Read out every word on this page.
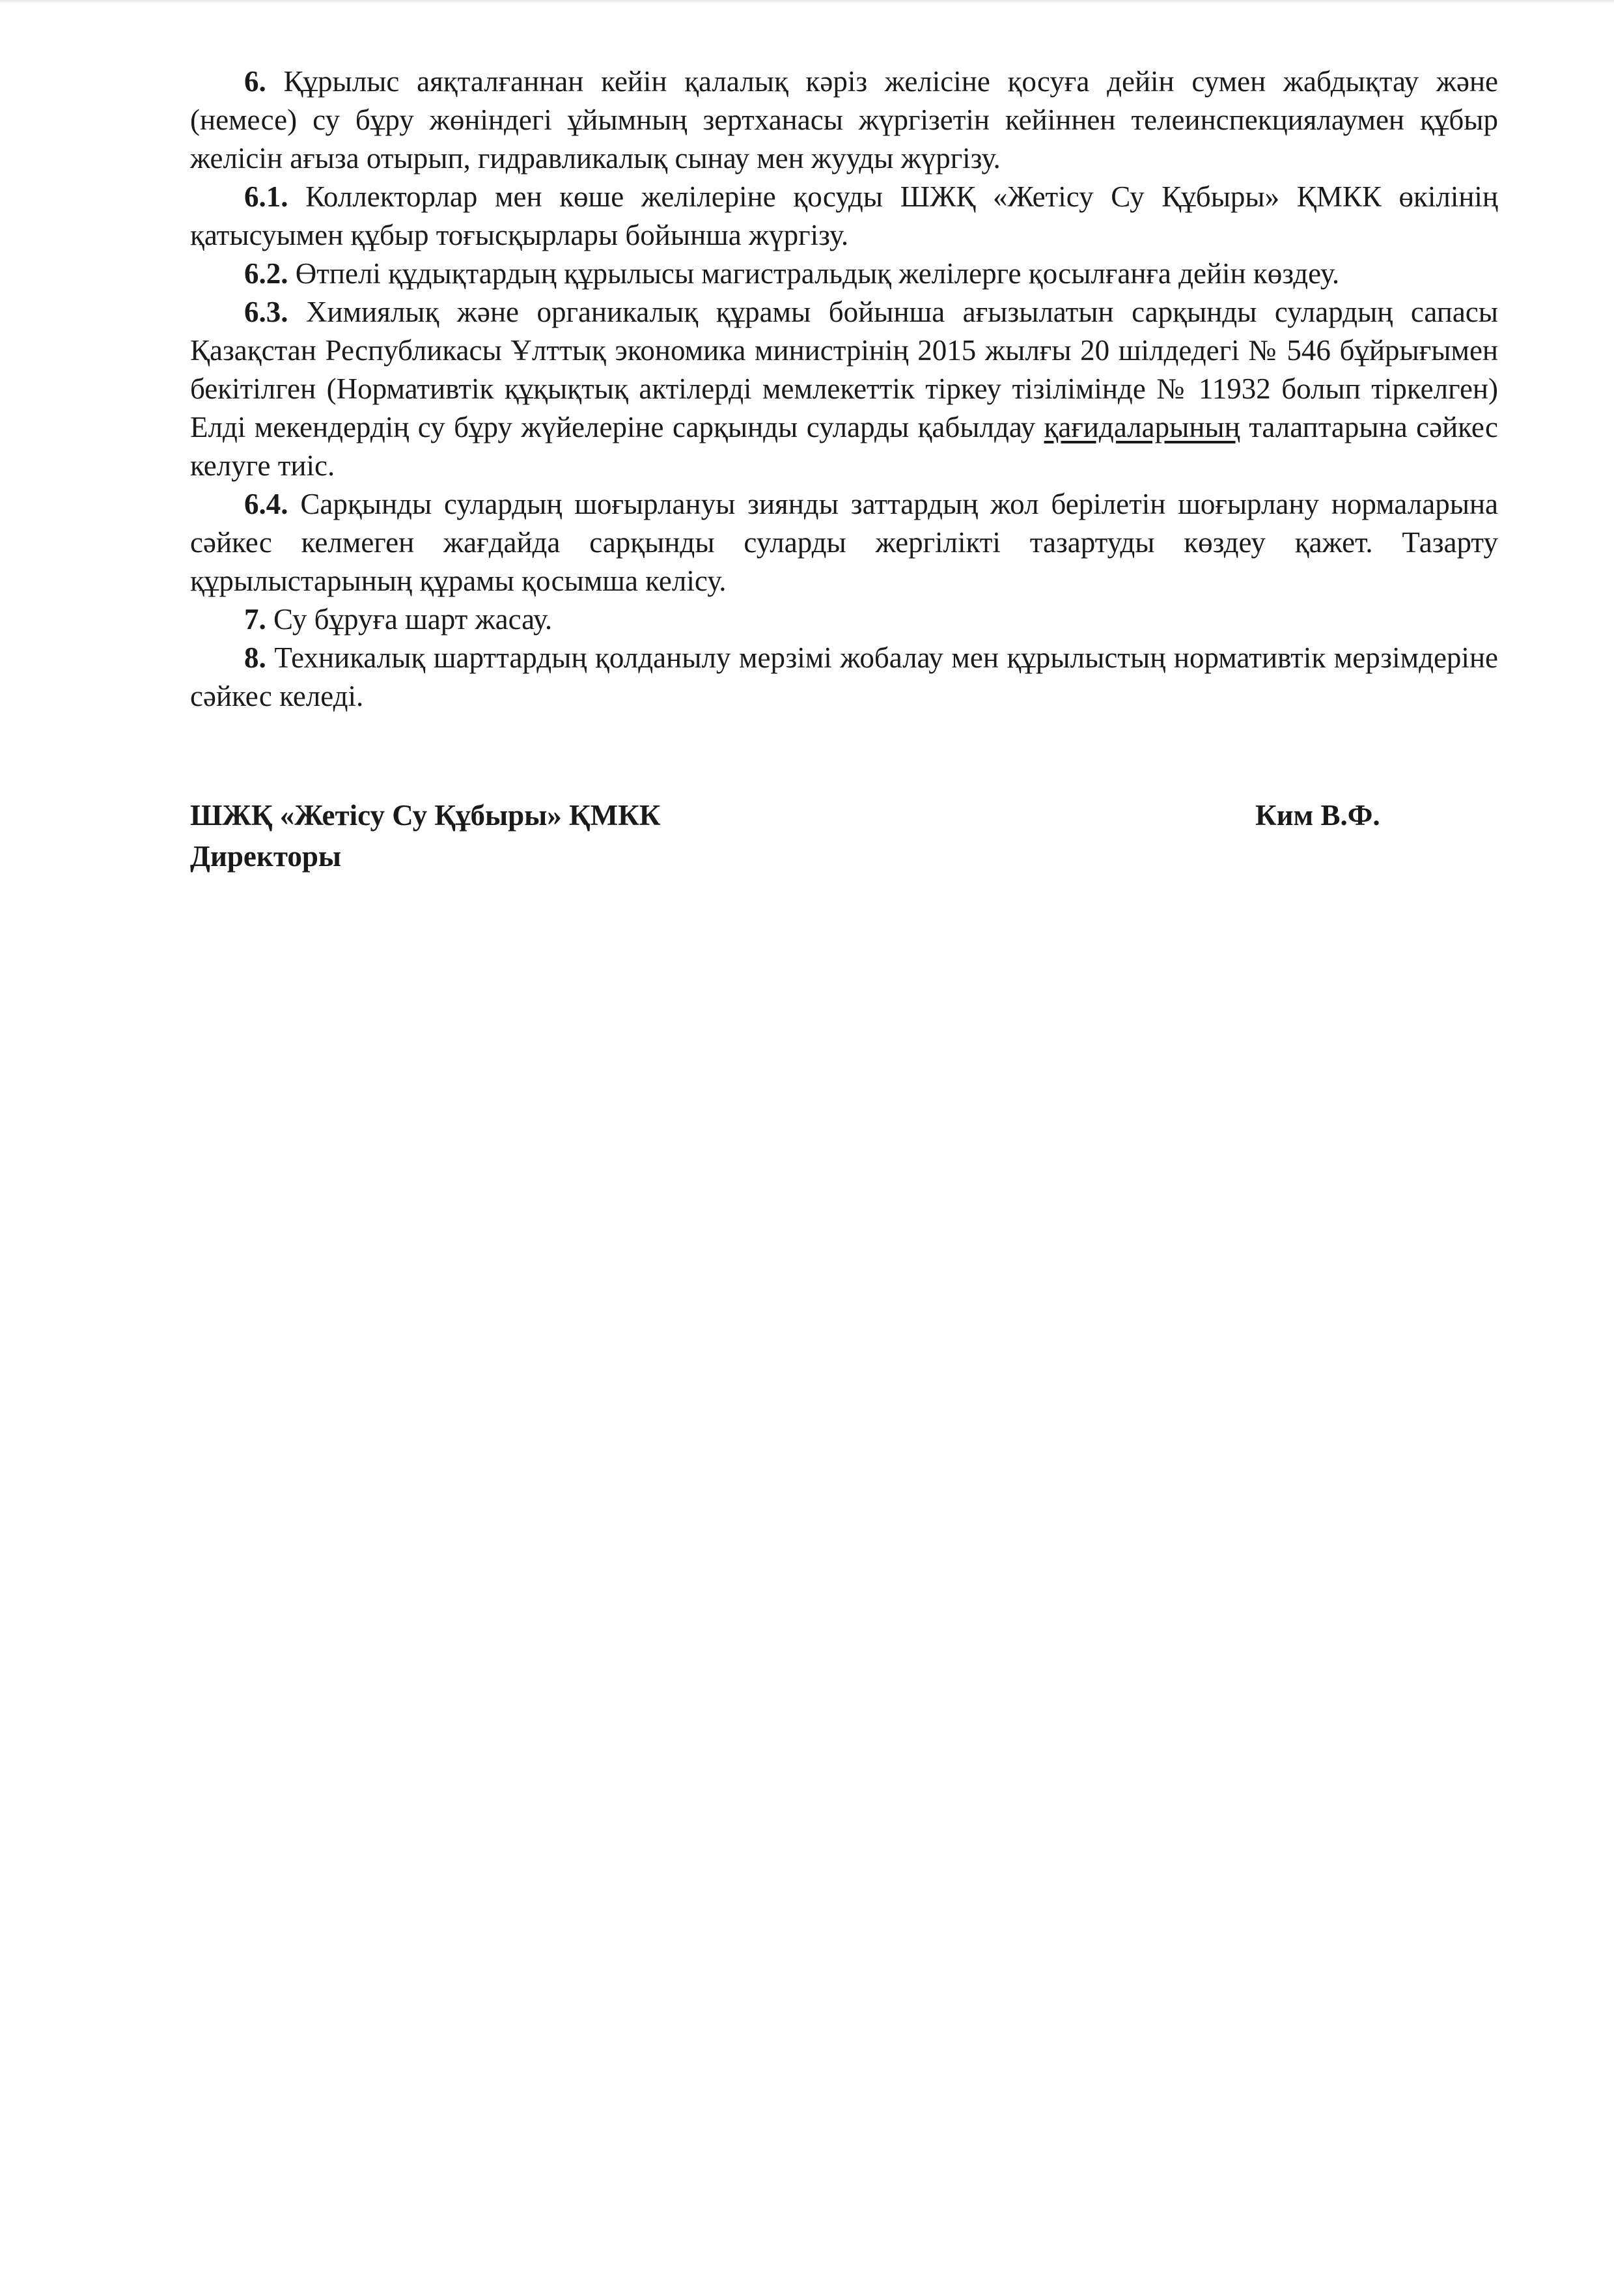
6. Құрылыс аяқталғаннан кейін қалалық кәріз желісіне қосуға дейін сумен жабдықтау және (немесе) су бұру жөніндегі ұйымның зертханасы жүргізетін кейіннен телеинспекциялаумен құбыр желісін ағыза отырып, гидравликалық сынау мен жууды жүргізу.

6.1. Коллекторлар мен көше желілеріне қосуды ШЖҚ «Жетісу Су Құбыры» ҚМКК өкілінің қатысуымен құбыр тоғысқырлары бойынша жүргізу.

6.2. Өтпелі құдықтардың құрылысы магистральдық желілерге қосылғанға дейін көздеу.

6.3. Химиялық және органикалық құрамы бойынша ағызылатын сарқынды сулардың сапасы Қазақстан Республикасы Ұлттық экономика министрінің 2015 жылғы 20 шілдедегі № 546 бұйрығымен бекітілген (Нормативтік құқықтық актілерді мемлекеттік тіркеу тізілімінде № 11932 болып тіркелген) Елді мекендердің су бұру жүйелеріне сарқынды суларды қабылдау қағидаларының талаптарына сәйкес келуге тиіс.

6.4. Сарқынды сулардың шоғырлануы зиянды заттардың жол берілетін шоғырлану нормаларына сәйкес келмеген жағдайда сарқынды суларды жергілікті тазартуды көздеу қажет. Тазарту құрылыстарының құрамы қосымша келісу.

7. Су бұруға шарт жасау.

8. Техникалық шарттардың қолданылу мерзімі жобалау мен құрылыстың нормативтік мерзімдеріне сәйкес келеді.

ШЖҚ «Жетісу Су Құбыры» ҚМКК
Директоры
Ким В.Ф.
